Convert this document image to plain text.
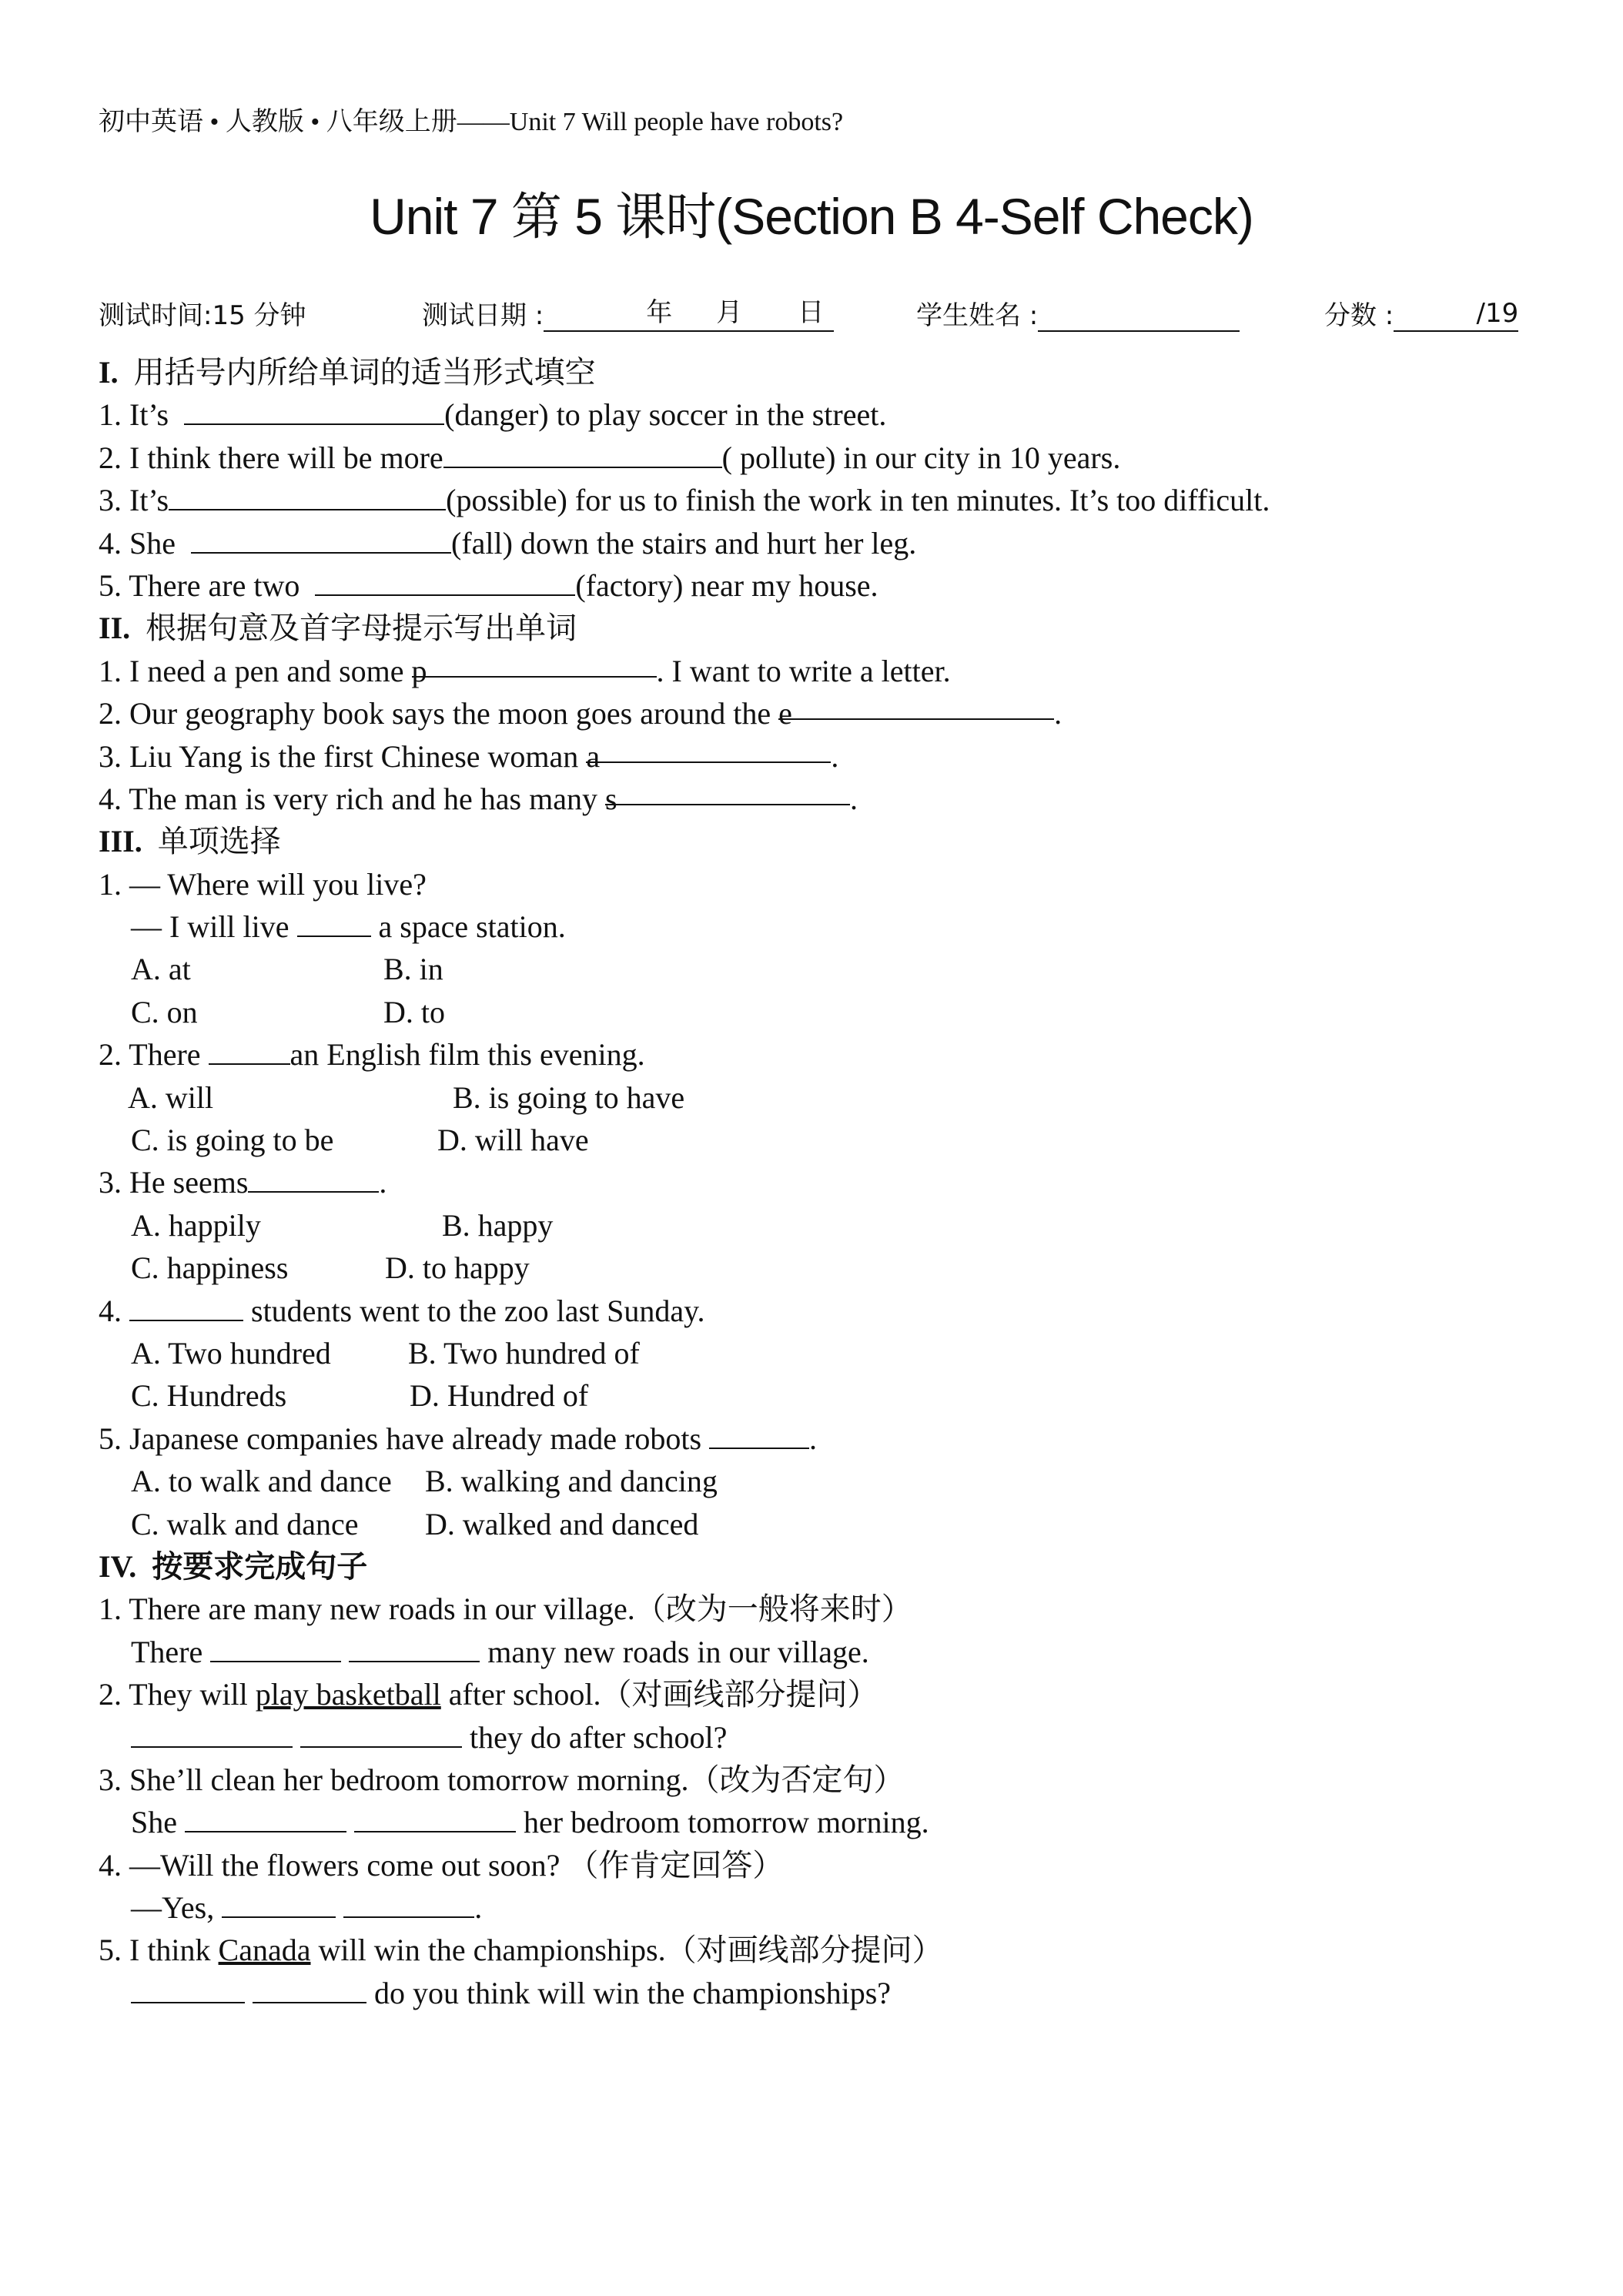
初中英语 • 人教版 • 八年级上册——Unit 7 Will people have robots?
Unit 7 第 5 课时(Section B 4-Self Check)
测试时间:15 分钟	测试日期 :	年 月 日	学生姓名 :	分数 :	/19
I. 用括号内所给单词的适当形式填空
1. It’s	(danger) to play soccer in the street.
2. I think there will be more	( pollute) in our city in 10 years.
3. It’s	(possible) for us to finish the work in ten minutes. It’s too difficult.
4. She	(fall) down the stairs and hurt her leg.
5. There are two	(factory) near my house.
II. 根据句意及首字母提示写出单词
1. I need a pen and some p	. I want to write a letter.
2. Our geography book says the moon goes around the e	.
3. Liu Yang is the first Chinese woman a	.
4. The man is very rich and he has many s	.
III. 单项选择
1. — Where will you live?
— I will live  a space station.
A. at	B. in
C. on	D. to
2. There	an English film this evening.
A. will	B. is going to have
C. is going to be	D. will have
3. He seems	.
A. happily	B. happy
C. happiness	D. to happy
4.	students went to the zoo last Sunday.
A. Two hundred	B. Two hundred of
C. Hundreds	D. Hundred of
5. Japanese companies have already made robots	.
A. to walk and dance B. walking and dancing
C. walk and dance D. walked and danced
IV. 按要求完成句子
1. There are many new roads in our village.（改为一般将来时）
There	many new roads in our village.
2. They will play basketball after school.（对画线部分提问）
they do after school?
3. She’ll clean her bedroom tomorrow morning.（改为否定句）
She	her bedroom tomorrow morning.
4. —Will the flowers come out soon? （作肯定回答）
—Yes,	.
5. I think Canada will win the championships.（对画线部分提问）
do you think will win the championships?
